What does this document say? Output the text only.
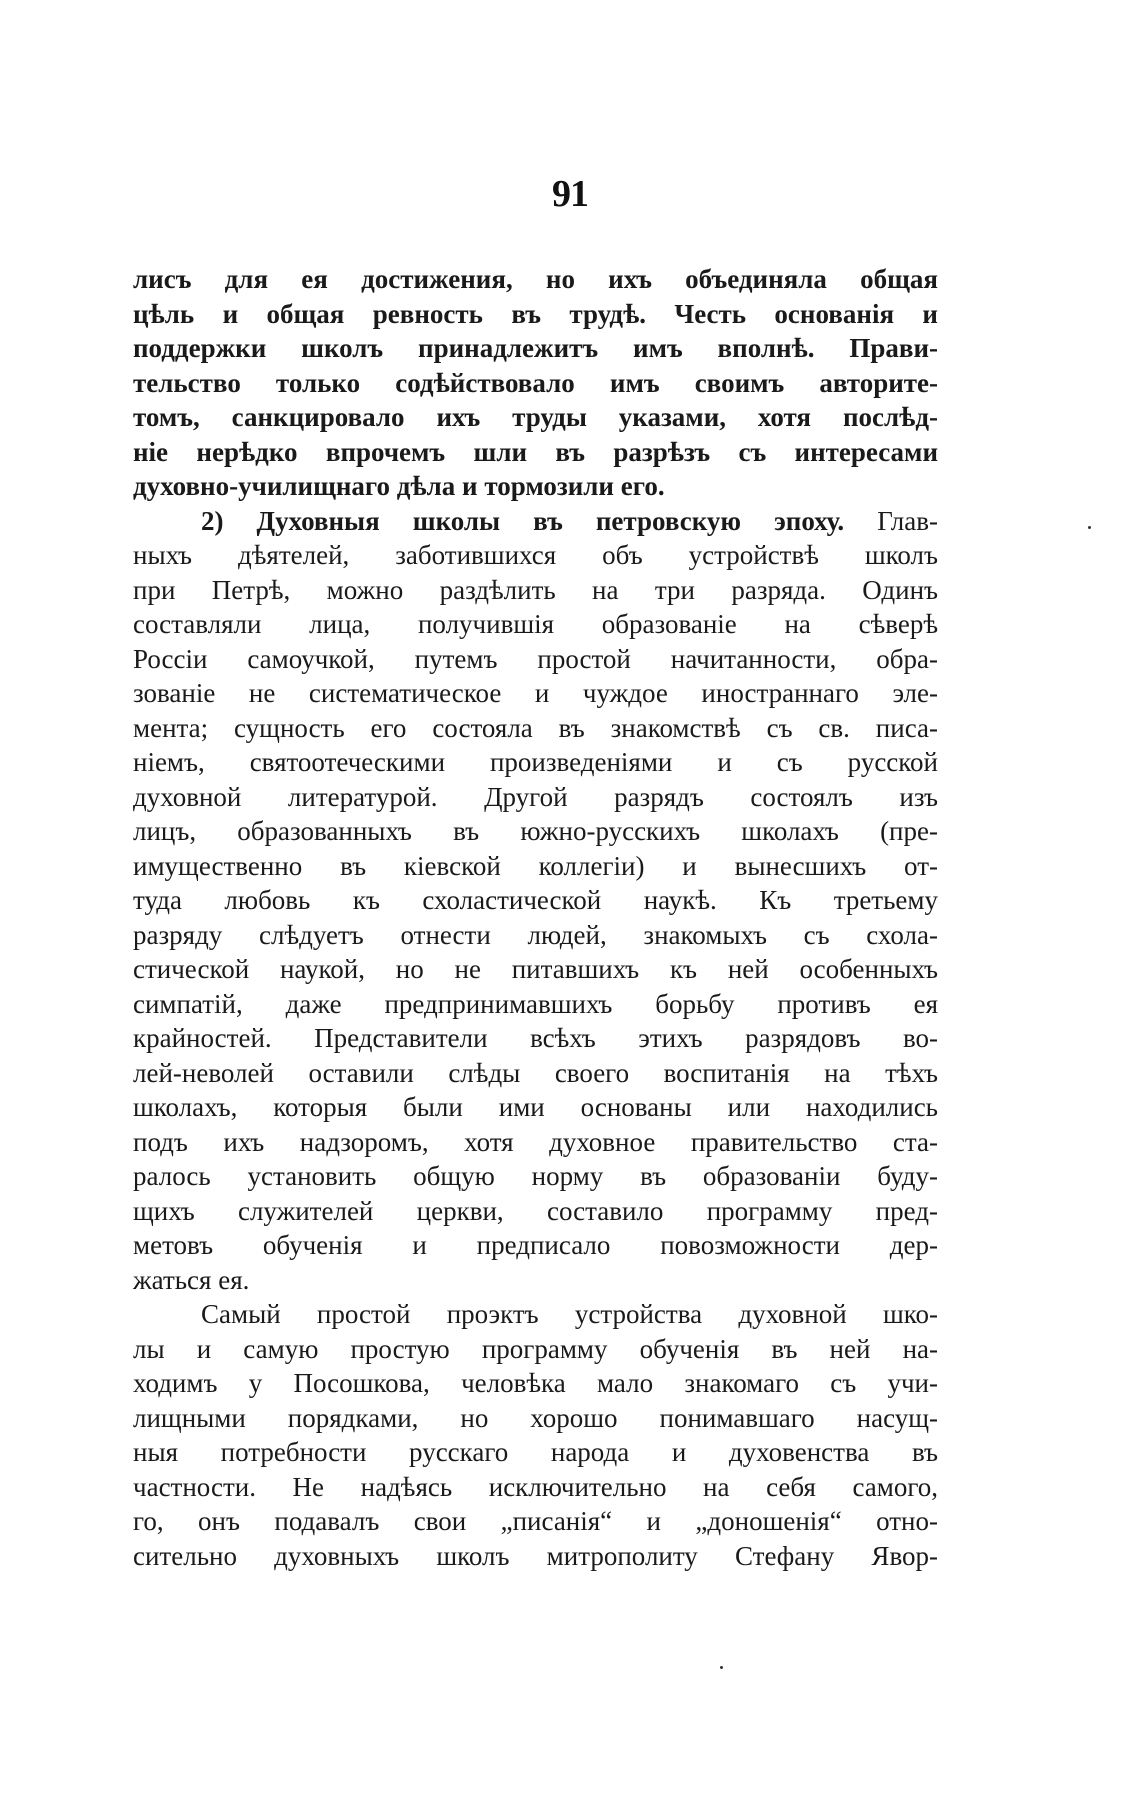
91
лисъ для ея достижения, но ихъ объединяла общая
цѣль и общая ревность въ трудѣ. Честь основанія и
поддержки школъ принадлежитъ имъ вполнѣ. Прави-
тельство только содѣйствовало имъ своимъ авторите-
томъ, санкцировало ихъ труды указами, хотя послѣд-
ніе нерѣдко впрочемъ шли въ разрѣзъ съ интересами
духовно-училищнаго дѣла и тормозили его.
2) Духовныя школы въ петровскую эпоху. Глав-
ныхъ дѣятелей, заботившихся объ устройствѣ школъ
при Петрѣ, можно раздѣлить на три разряда. Одинъ
составляли лица, получившія образованіе на сѣверѣ
Россіи самоучкой, путемъ простой начитанности, обра-
зованіе не систематическое и чуждое иностраннаго эле-
мента; сущность его состояла въ знакомствѣ съ св. писа-
ніемъ, святоотеческими произведеніями и съ русской
духовной литературой. Другой разрядъ состоялъ изъ
лицъ, образованныхъ въ южно-русскихъ школахъ (пре-
имущественно въ кіевской коллегіи) и вынесшихъ от-
туда любовь къ схоластической наукѣ. Къ третьему
разряду слѣдуетъ отнести людей, знакомыхъ съ схола-
стической наукой, но не питавшихъ къ ней особенныхъ
симпатій, даже предпринимавшихъ борьбу противъ ея
крайностей. Представители всѣхъ этихъ разрядовъ во-
лей-неволей оставили слѣды своего воспитанія на тѣхъ
школахъ, которыя были ими основаны или находились
подъ ихъ надзоромъ, хотя духовное правительство ста-
ралось установить общую норму въ образованіи буду-
щихъ служителей церкви, составило программу пред-
метовъ обученія и предписало повозможности дер-
жаться ея.
Самый простой проэктъ устройства духовной шко-
лы и самую простую программу обученія въ ней на-
ходимъ у Посошкова, человѣка мало знакомаго съ учи-
лищными порядками, но хорошо понимавшаго насущ-
ныя потребности русскаго народа и духовенства въ
частности. Не надѣясь исключительно на себя самого,
го, онъ подавалъ свои „писанія“ и „доношенія“ отно-
сительно духовныхъ школъ митрополиту Стефану Явор-
